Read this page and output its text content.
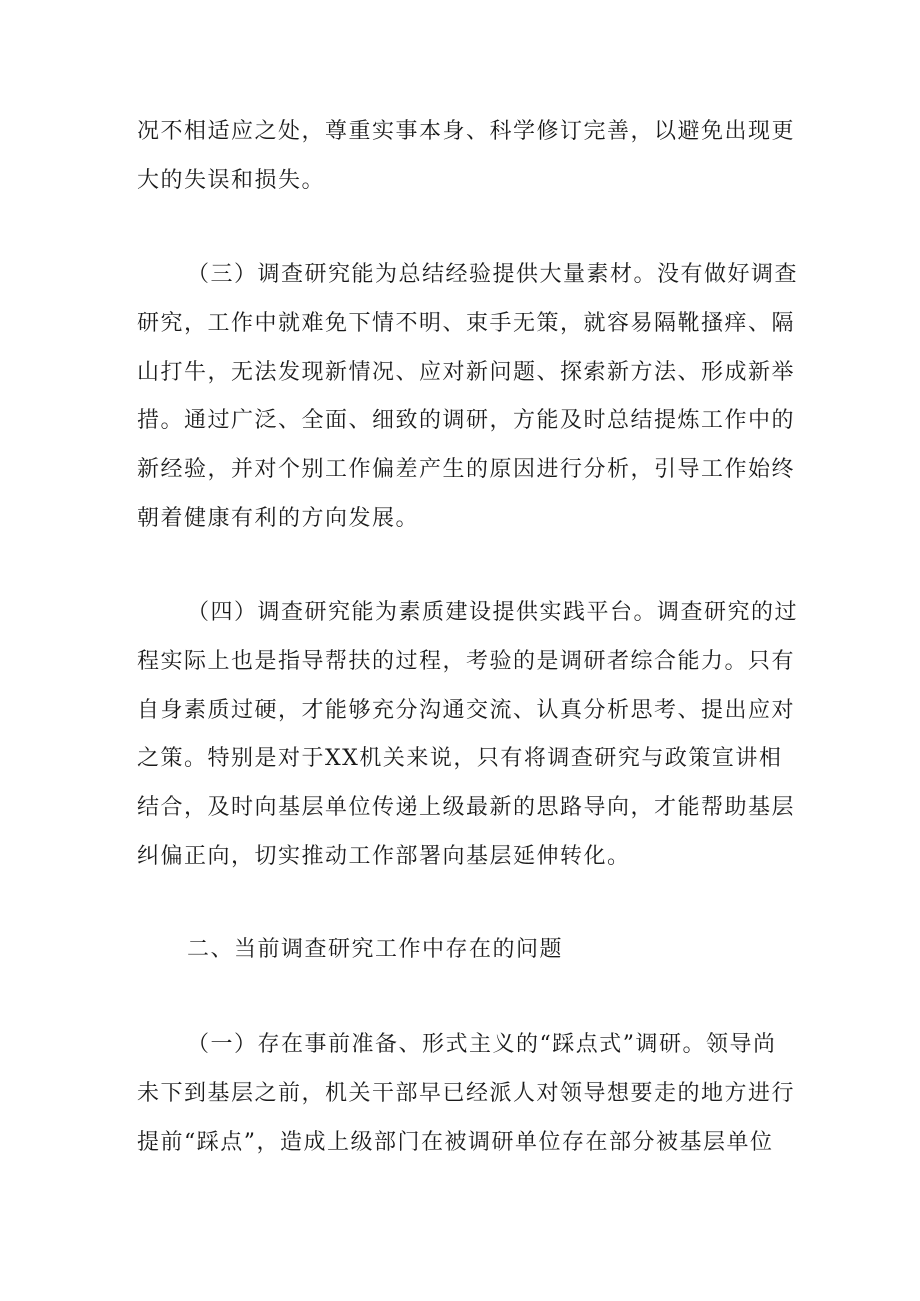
况不相适应之处，尊重实事本身、科学修订完善，以避免出现更
大的失误和损失。
（三）调查研究能为总结经验提供大量素材。没有做好调查
研究，工作中就难免下情不明、束手无策，就容易隔靴搔痒、隔
山打牛，无法发现新情况、应对新问题、探索新方法、形成新举
措。通过广泛、全面、细致的调研，方能及时总结提炼工作中的
新经验，并对个别工作偏差产生的原因进行分析，引导工作始终
朝着健康有利的方向发展。
（四）调查研究能为素质建设提供实践平台。调查研究的过
程实际上也是指导帮扶的过程，考验的是调研者综合能力。只有
自身素质过硬，才能够充分沟通交流、认真分析思考、提出应对
之策。特别是对于XX机关来说，只有将调查研究与政策宣讲相
结合，及时向基层单位传递上级最新的思路导向，才能帮助基层
纠偏正向，切实推动工作部署向基层延伸转化。
二、当前调查研究工作中存在的问题
（一）存在事前准备、形式主义的“踩点式”调研。领导尚
未下到基层之前，机关干部早已经派人对领导想要走的地方进行
提前“踩点”，造成上级部门在被调研单位存在部分被基层单位
